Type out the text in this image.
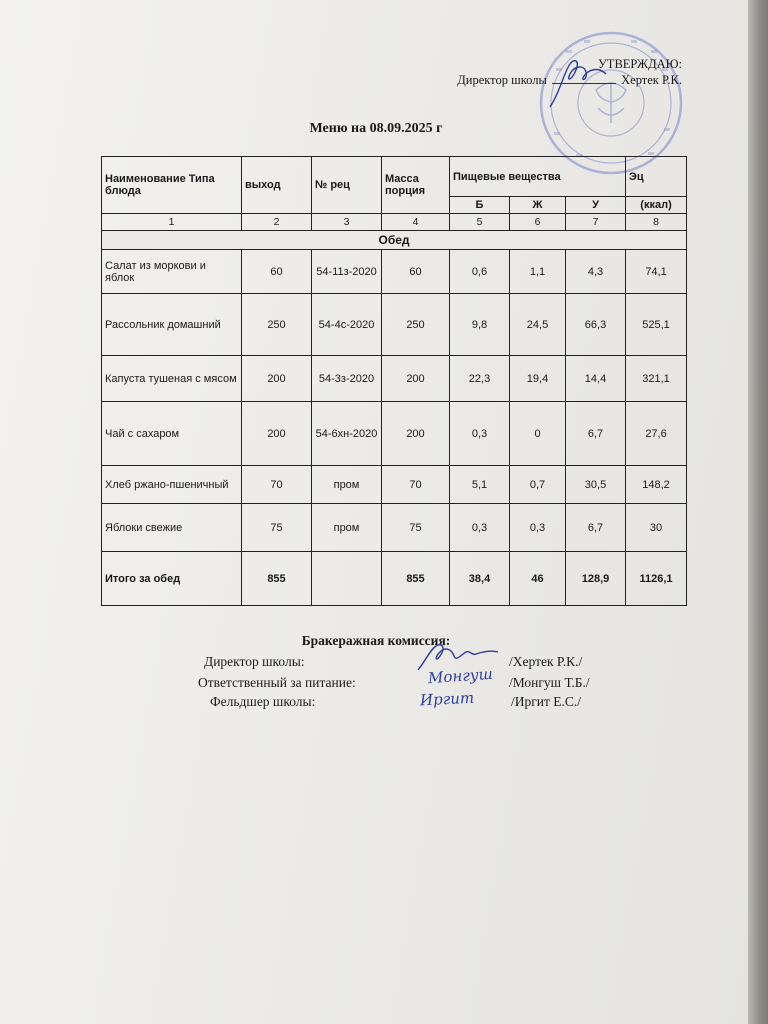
УТВЕРЖДАЮ:
Директор школы	Хертек Р.К.
Меню на 08.09.2025 г
Наименование Типа блюда	выход	№ рец	Масса порция	Пищевые вещества			Эц
				Б	Ж	У	(ккал)
1	2	3	4	5	6	7	8
Обед							
Салат из моркови и яблок	60	54-11з-2020	60	0,6	1,1	4,3	74,1
Рассольник домашний	250	54-4с-2020	250	9,8	24,5	66,3	525,1
Капуста тушеная с мясом	200	54-3з-2020	200	22,3	19,4	14,4	321,1
Чай с сахаром	200	54-6хн-2020	200	0,3	0	6,7	27,6
Хлеб ржано-пшеничный	70	пром	70	5,1	0,7	30,5	148,2
Яблоки свежие	75	пром	75	0,3	0,3	6,7	30
Итого за обед	855		855	38,4	46	128,9	1126,1
Бракеражная комиссия:
Директор школы:	/Хертек Р.К./
Ответственный за питание:	/Монгуш Т.Б./
Монгуш
Фельдшер школы:	/Иргит Е.С./
Иргит
